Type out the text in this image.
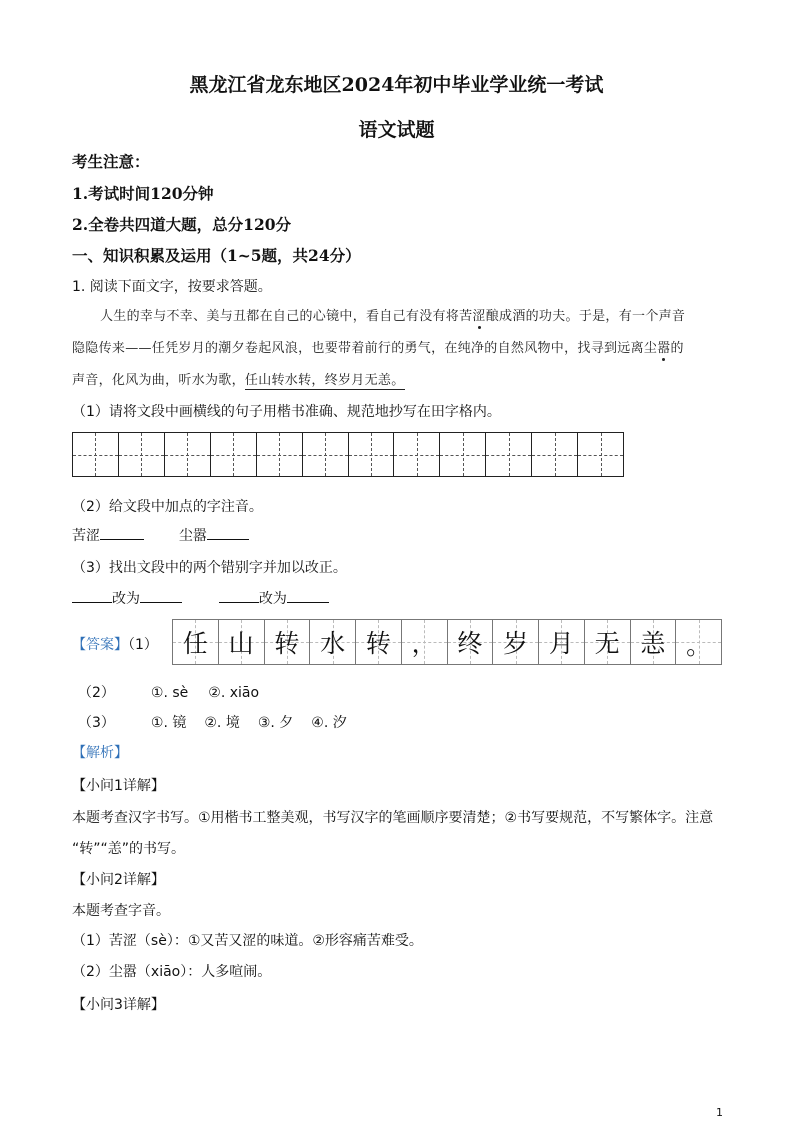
黑龙江省龙东地区2024年初中毕业学业统一考试
语文试题
考生注意：
1.考试时间120分钟
2.全卷共四道大题，总分120分
一、知识积累及运用（1~5题，共24分）
1. 阅读下面文字，按要求答题。
人生的幸与不幸、美与丑都在自己的心镜中，看自己有没有将苦涩酿成酒的功夫。于是，有一个声音
隐隐传来——任凭岁月的潮夕卷起风浪，也要带着前行的勇气，在纯净的自然风物中，找寻到远离尘嚣的
声音，化风为曲，听水为歌，任山转水转，终岁月无恙。
（1）请将文段中画横线的句子用楷书准确、规范地抄写在田字格内。
（2）给文段中加点的字注音。
苦涩	尘嚣
（3）找出文段中的两个错别字并加以改正。
改为	改为
【答案】（1） 任 山 转 水 转 ， 终 岁 月 无 恙 。
（2）	①. sè ②. xiāo
（3）	①. 镜 ②. 境 ③. 夕 ④. 汐
【解析】
【小问1详解】
本题考查汉字书写。①用楷书工整美观，书写汉字的笔画顺序要清楚；②书写要规范，不写繁体字。注意
“转”“恙”的书写。
【小问2详解】
本题考查字音。
（1）苦涩（sè）：①又苦又涩的味道。②形容痛苦难受。
（2）尘嚣（xiāo）：人多喧闹。
【小问3详解】
1
